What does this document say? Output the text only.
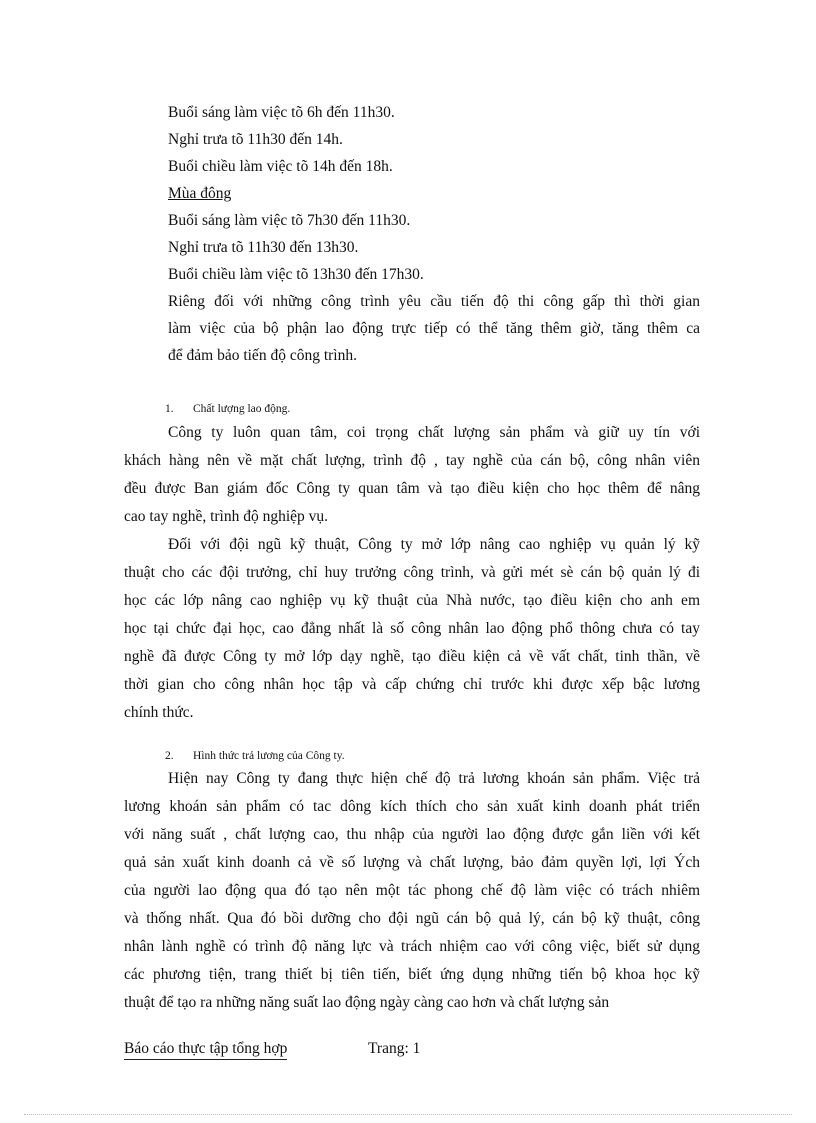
Buổi sáng làm việc tõ 6h đến 11h30.
Nghỉ trưa tõ 11h30 đến 14h.
Buổi chiều làm việc tõ 14h đến 18h.
Mùa đông
Buổi sáng làm việc tõ 7h30 đến 11h30.
Nghỉ trưa tõ 11h30 đến 13h30.
Buổi chiều làm việc tõ 13h30 đến 17h30.
Riêng đối với những công trình yêu cầu tiến độ thi công gấp thì thời gian
làm việc của bộ phận lao động trực tiếp có thể tăng thêm giờ, tăng thêm ca
để đảm bảo tiến độ công trình.
1. Chất lượng lao động.
Công ty luôn quan tâm, coi trọng chất lượng sản phẩm và giữ uy tín với
khách hàng nên về mặt chất lượng, trình độ , tay nghề của cán bộ, công nhân viên
đều được Ban giám đốc Công ty quan tâm và tạo điều kiện cho học thêm để nâng
cao tay nghề, trình độ nghiệp vụ.
Đối với đội ngũ kỹ thuật, Công ty mở lớp nâng cao nghiệp vụ quản lý kỹ
thuật cho các đội trưởng, chỉ huy trưởng công trình, và gửi mét sè cán bộ quản lý đi
học các lớp nâng cao nghiệp vụ kỹ thuật của Nhà nước, tạo điều kiện cho anh em
học tại chức đại học, cao đẳng nhất là số công nhân lao động phổ thông chưa có tay
nghề đã được Công ty mở lớp dạy nghề, tạo điều kiện cả về vất chất, tinh thần, về
thời gian cho công nhân học tập và cấp chứng chỉ trước khi được xếp bậc lương
chính thức.
2. Hình thức trả lương của Công ty.
Hiện nay Công ty đang thực hiện chế độ trả lương khoán sản phẩm. Việc trả
lương khoán sản phẩm có tac dông kích thích cho sản xuất kinh doanh phát triển
với năng suất , chất lượng cao, thu nhập của người lao động được gắn liền với kết
quả sản xuất kinh doanh cả về số lượng và chất lượng, bảo đảm quyền lợi, lợi Ých
của người lao động qua đó tạo nên một tác phong chế độ làm việc có trách nhiêm
và thống nhất. Qua đó bồi dưỡng cho đội ngũ cán bộ quả lý, cán bộ kỹ thuật, công
nhân lành nghề có trình độ năng lực và trách nhiệm cao với công việc, biết sử dụng
các phương tiện, trang thiết bị tiên tiến, biết ứng dụng những tiến bộ khoa học kỹ
thuật để tạo ra những năng suất lao động ngày càng cao hơn và chất lượng sản
Báo cáo thực tập tổng hợp	Trang: 1
